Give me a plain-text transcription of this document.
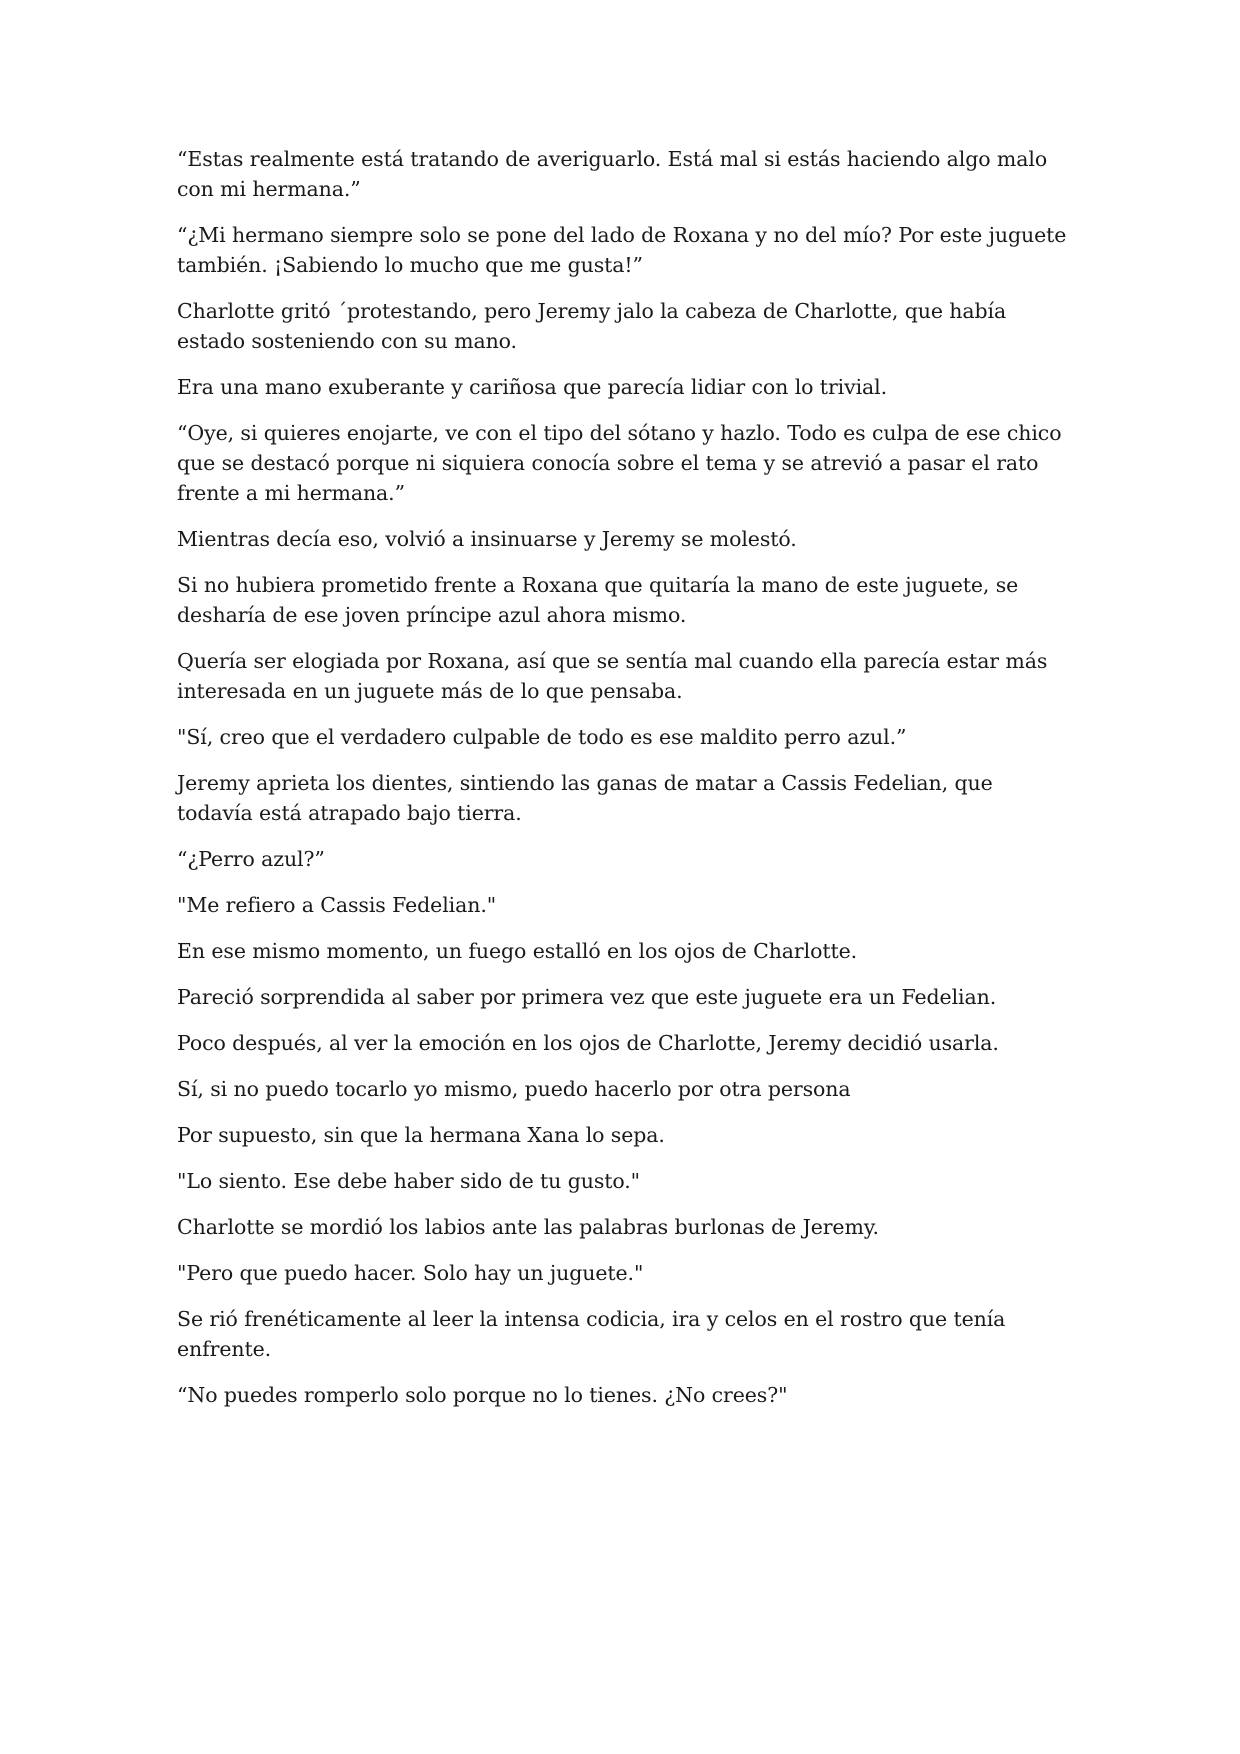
“Estas realmente está tratando de averiguarlo. Está mal si estás haciendo algo malo con mi hermana.”

“¿Mi hermano siempre solo se pone del lado de Roxana y no del mío? Por este juguete también. ¡Sabiendo lo mucho que me gusta!”

Charlotte gritó ´protestando, pero Jeremy jalo la cabeza de Charlotte, que había estado sosteniendo con su mano.

Era una mano exuberante y cariñosa que parecía lidiar con lo trivial.

“Oye, si quieres enojarte, ve con el tipo del sótano y hazlo. Todo es culpa de ese chico que se destacó porque ni siquiera conocía sobre el tema y se atrevió a pasar el rato frente a mi hermana.”

Mientras decía eso, volvió a insinuarse y Jeremy se molestó.

Si no hubiera prometido frente a Roxana que quitaría la mano de este juguete, se desharía de ese joven príncipe azul ahora mismo.

Quería ser elogiada por Roxana, así que se sentía mal cuando ella parecía estar más interesada en un juguete más de lo que pensaba.

"Sí, creo que el verdadero culpable de todo es ese maldito perro azul.”

Jeremy aprieta los dientes, sintiendo las ganas de matar a Cassis Fedelian, que todavía está atrapado bajo tierra.

“¿Perro azul?”

"Me refiero a Cassis Fedelian."

En ese mismo momento, un fuego estalló en los ojos de Charlotte.

Pareció sorprendida al saber por primera vez que este juguete era un Fedelian.

Poco después, al ver la emoción en los ojos de Charlotte, Jeremy decidió usarla.

Sí, si no puedo tocarlo yo mismo, puedo hacerlo por otra persona

Por supuesto, sin que la hermana Xana lo sepa.

"Lo siento. Ese debe haber sido de tu gusto."

Charlotte se mordió los labios ante las palabras burlonas de Jeremy.

"Pero que puedo hacer. Solo hay un juguete."

Se rió frenéticamente al leer la intensa codicia, ira y celos en el rostro que tenía enfrente.

“No puedes romperlo solo porque no lo tienes. ¿No crees?"
